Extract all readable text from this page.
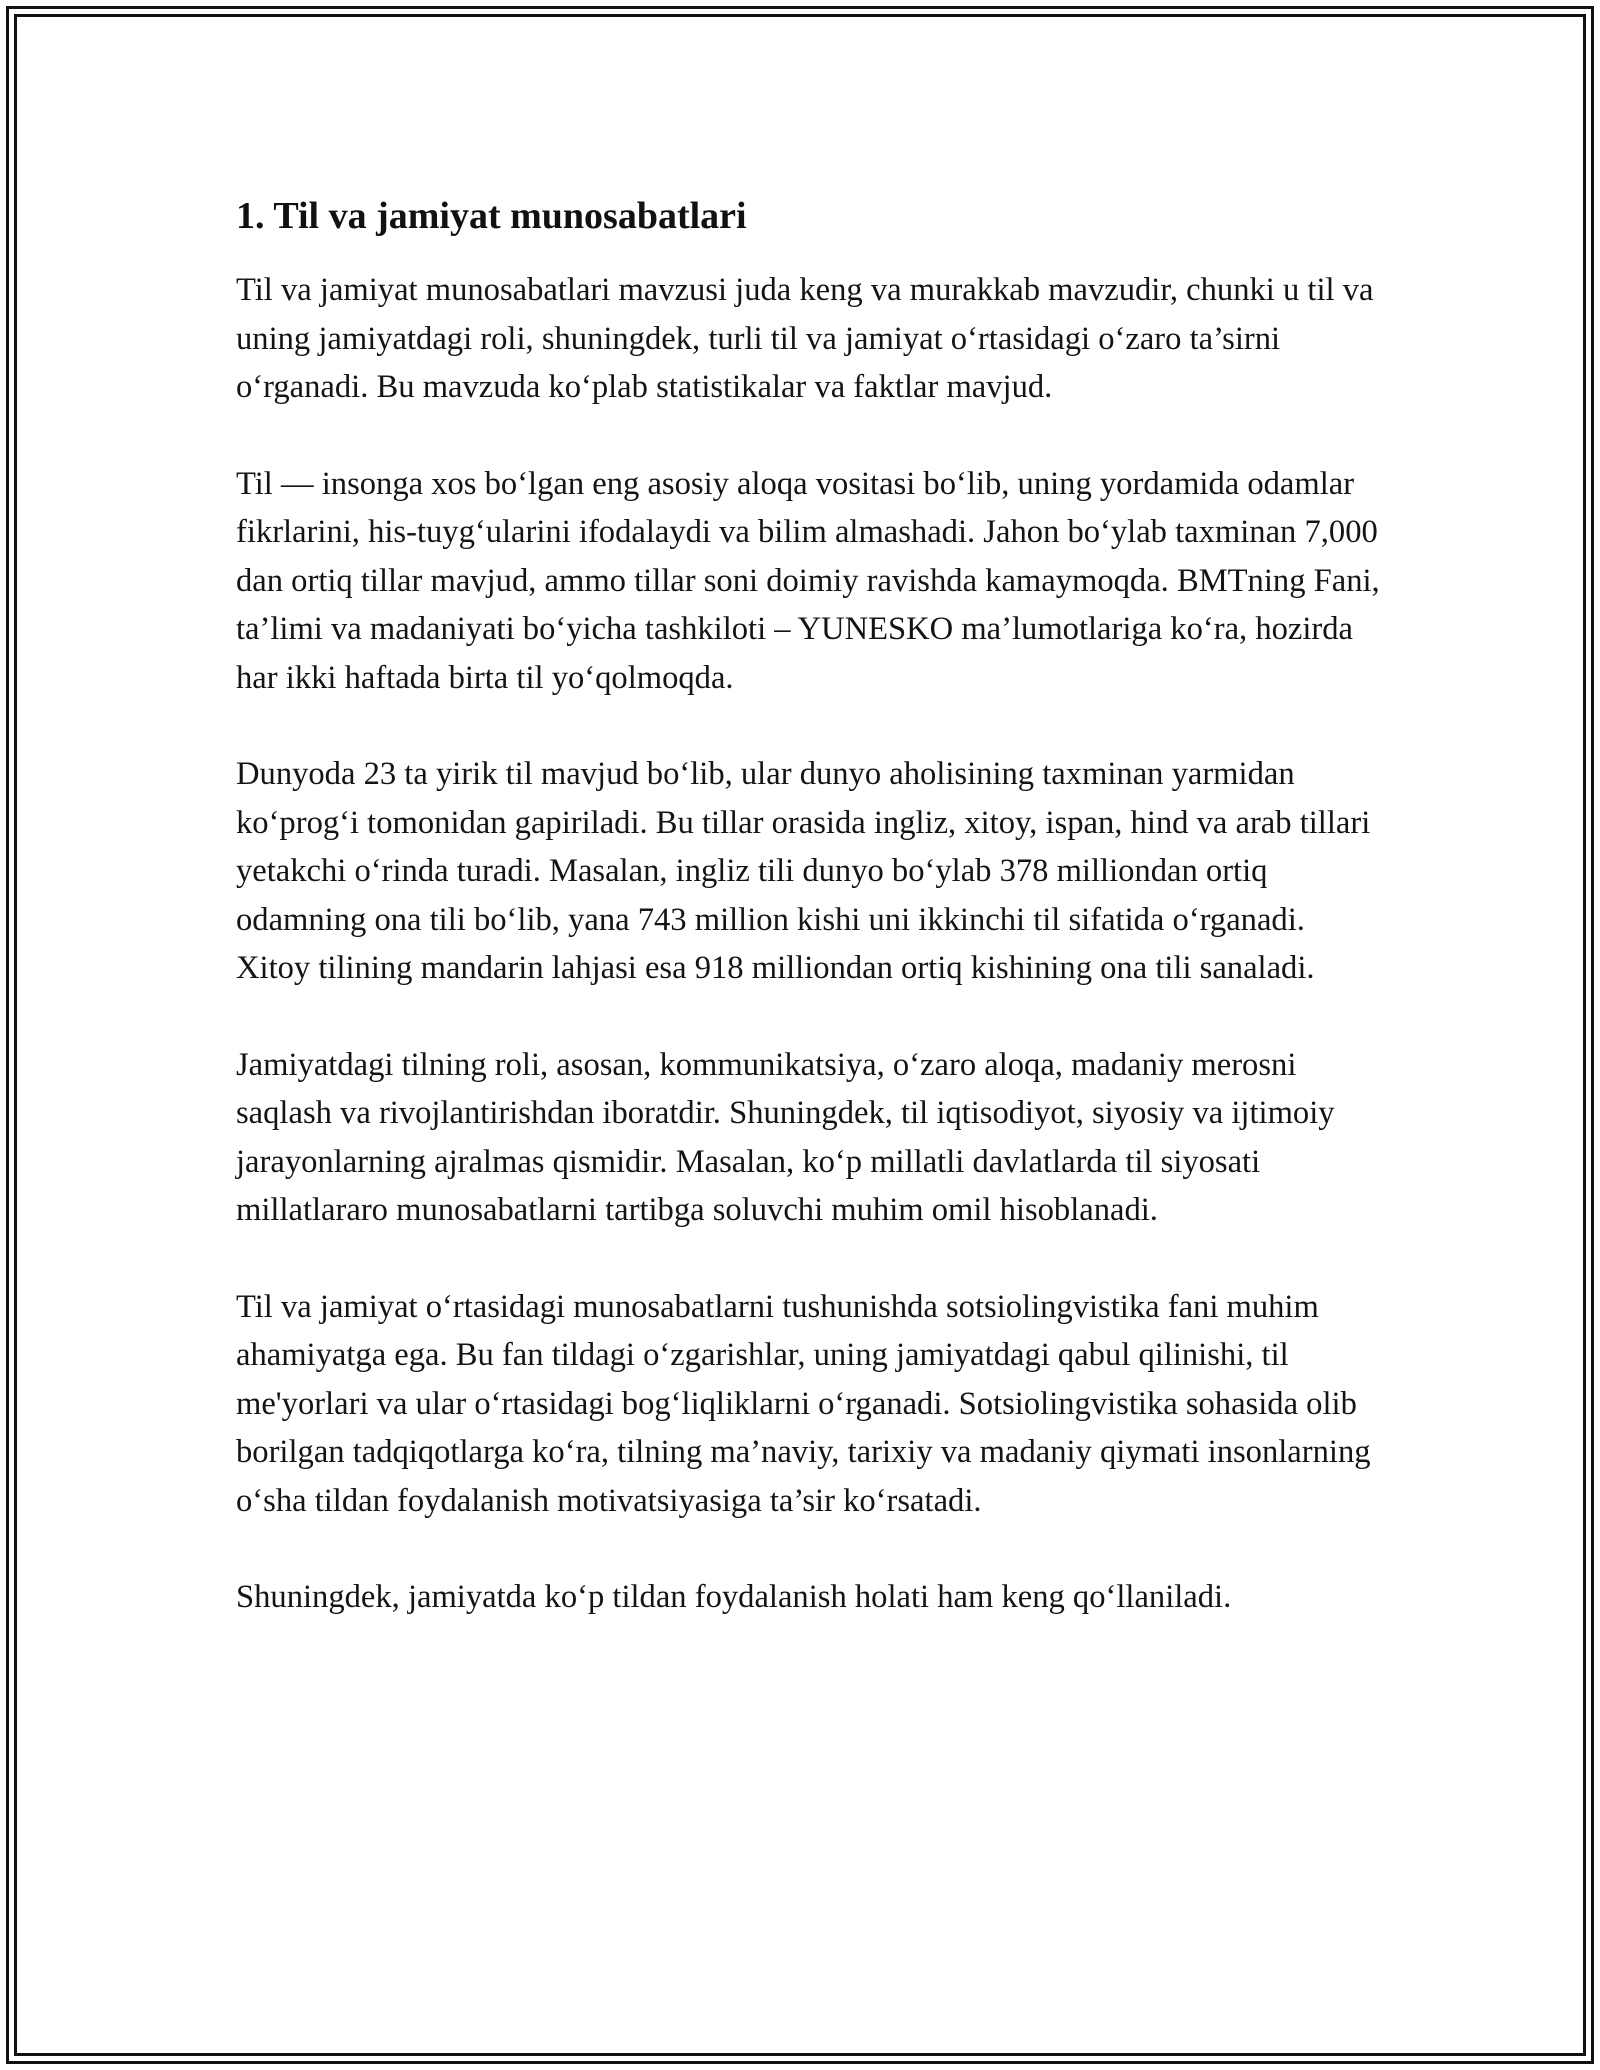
1. Til va jamiyat munosabatlari

Til va jamiyat munosabatlari mavzusi juda keng va murakkab mavzudir, chunki u til va uning jamiyatdagi roli, shuningdek, turli til va jamiyat o‘rtasidagi o‘zaro ta’sirni o‘rganadi. Bu mavzuda ko‘plab statistikalar va faktlar mavjud.

Til — insonga xos bo‘lgan eng asosiy aloqa vositasi bo‘lib, uning yordamida odamlar fikrlarini, his-tuyg‘ularini ifodalaydi va bilim almashadi. Jahon bo‘ylab taxminan 7,000 dan ortiq tillar mavjud, ammo tillar soni doimiy ravishda kamaymoqda. BMTning Fani, ta’limi va madaniyati bo‘yicha tashkiloti – YUNESKO ma’lumotlariga ko‘ra, hozirda har ikki haftada birta til yo‘qolmoqda.

Dunyoda 23 ta yirik til mavjud bo‘lib, ular dunyo aholisining taxminan yarmidan ko‘prog‘i tomonidan gapiriladi. Bu tillar orasida ingliz, xitoy, ispan, hind va arab tillari yetakchi o‘rinda turadi. Masalan, ingliz tili dunyo bo‘ylab 378 milliondan ortiq odamning ona tili bo‘lib, yana 743 million kishi uni ikkinchi til sifatida o‘rganadi. Xitoy tilining mandarin lahjasi esa 918 milliondan ortiq kishining ona tili sanaladi.

Jamiyatdagi tilning roli, asosan, kommunikatsiya, o‘zaro aloqa, madaniy merosni saqlash va rivojlantirishdan iboratdir. Shuningdek, til iqtisodiyot, siyosiy va ijtimoiy jarayonlarning ajralmas qismidir. Masalan, ko‘p millatli davlatlarda til siyosati millatlararo munosabatlarni tartibga soluvchi muhim omil hisoblanadi.

Til va jamiyat o‘rtasidagi munosabatlarni tushunishda sotsiolingvistika fani muhim ahamiyatga ega. Bu fan tildagi o‘zgarishlar, uning jamiyatdagi qabul qilinishi, til me'yorlari va ular o‘rtasidagi bog‘liqliklarni o‘rganadi. Sotsiolingvistika sohasida olib borilgan tadqiqotlarga ko‘ra, tilning ma’naviy, tarixiy va madaniy qiymati insonlarning o‘sha tildan foydalanish motivatsiyasiga ta’sir ko‘rsatadi.

Shuningdek, jamiyatda ko‘p tildan foydalanish holati ham keng qo‘llaniladi.
